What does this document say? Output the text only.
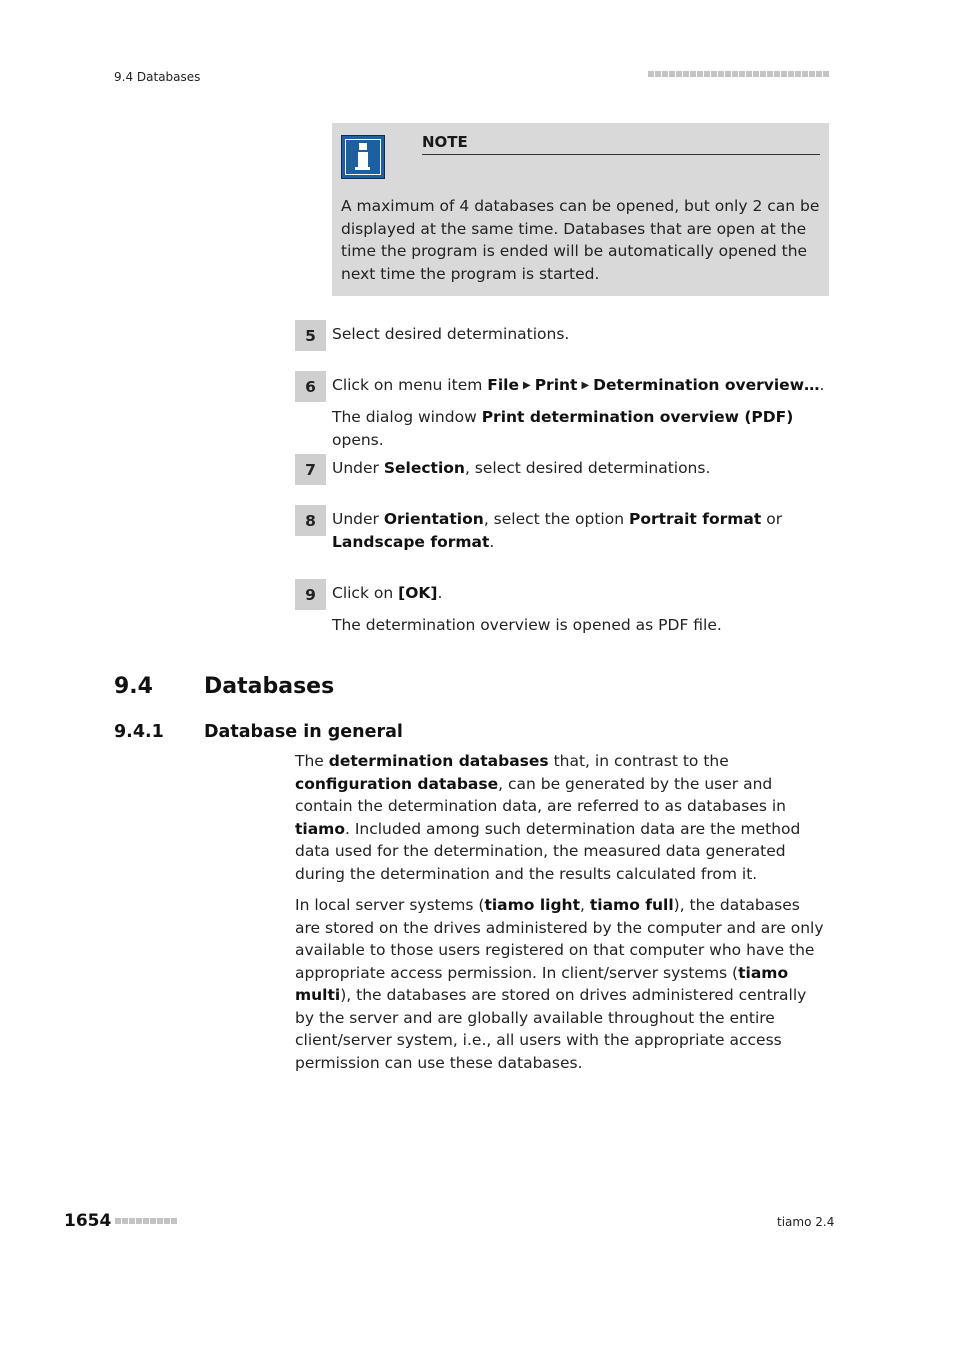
9.4 Databases
NOTE
A maximum of 4 databases can be opened, but only 2 can be displayed at the same time. Databases that are open at the time the program is ended will be automatically opened the next time the program is started.
5	Select desired determinations.
6	Click on menu item File ▶ Print ▶ Determination overview….
The dialog window Print determination overview (PDF) opens.
7	Under Selection, select desired determinations.
8	Under Orientation, select the option Portrait format or Landscape format.
9	Click on [OK].
The determination overview is opened as PDF file.
9.4 Databases
9.4.1 Database in general
The determination databases that, in contrast to the configuration database, can be generated by the user and contain the determination data, are referred to as databases in tiamo. Included among such determination data are the method data used for the determination, the measured data generated during the determination and the results calculated from it.
In local server systems (tiamo light, tiamo full), the databases are stored on the drives administered by the computer and are only available to those users registered on that computer who have the appropriate access permission. In client/server systems (tiamo multi), the databases are stored on drives administered centrally by the server and are globally available throughout the entire client/server system, i.e., all users with the appropriate access permission can use these databases.
1654	tiamo 2.4
